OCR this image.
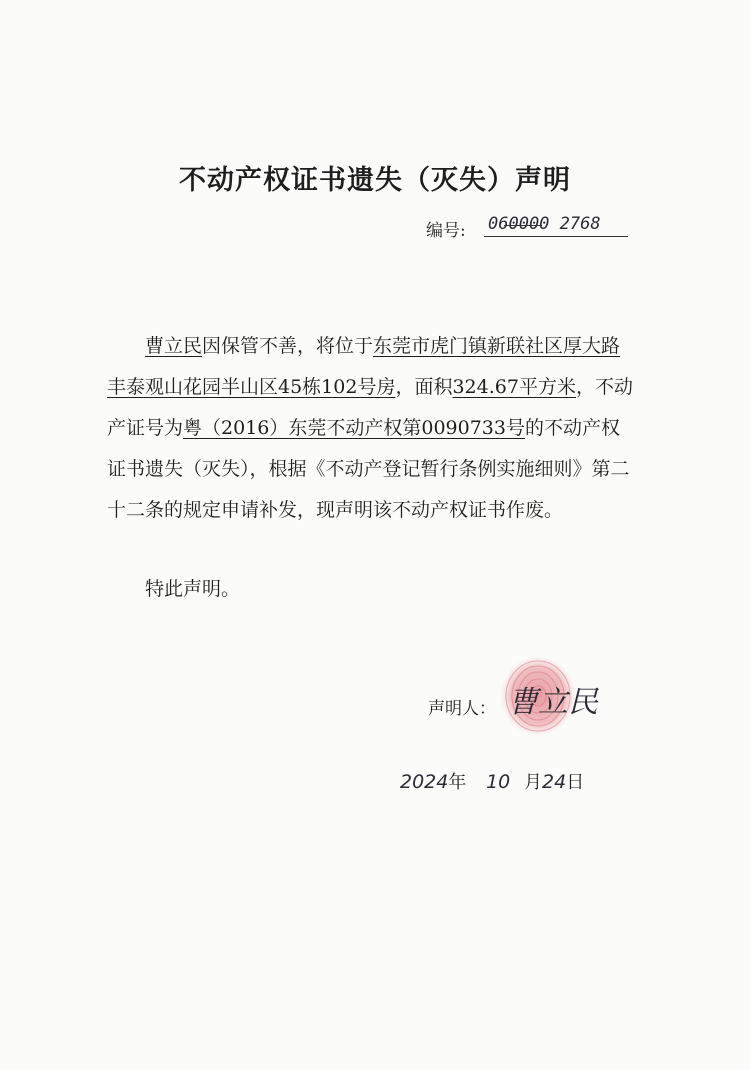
不动产权证书遗失（灭失）声明
编号: 060000 2768

曹立民因保管不善，将位于东莞市虎门镇新联社区厚大路丰泰观山花园半山区45栋102号房，面积324.67平方米，不动产证号为粤（2016）东莞不动产权第0090733号的不动产权证书遗失（灭失），根据《不动产登记暂行条例实施细则》第二十二条的规定申请补发，现声明该不动产权证书作废。

特此声明。
声明人： 曹立民
2024年 10 月24日
